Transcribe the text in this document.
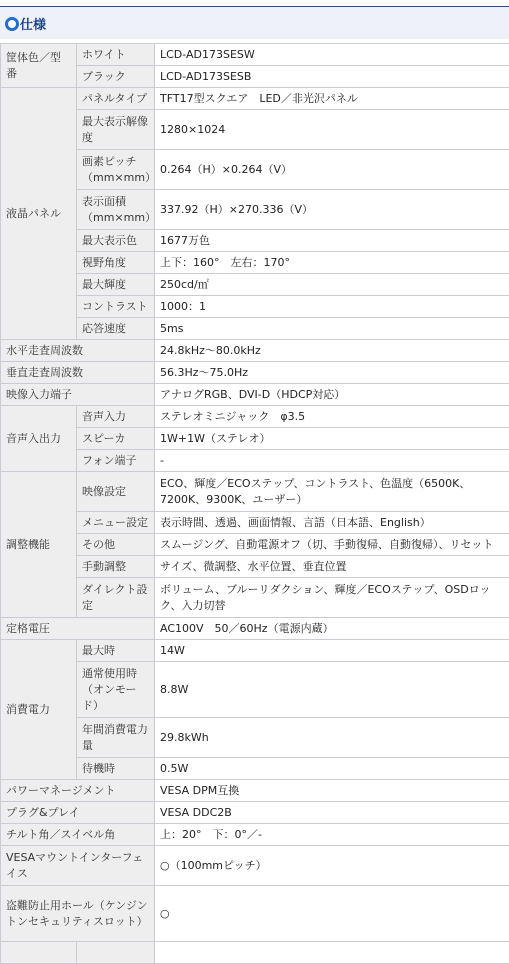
仕様
筐体色／型番	ホワイト	LCD-AD173SESW
	ブラック	LCD-AD173SESB
液晶パネル	パネルタイプ	TFT17型スクエア　LED／非光沢パネル
	最大表示解像度	1280×1024
	画素ピッチ（mm×mm）	0.264（H）×0.264（V）
	表示面積（mm×mm）	337.92（H）×270.336（V）
	最大表示色	1677万色
	視野角度	上下：160°　左右：170°
	最大輝度	250cd/㎡
	コントラスト	1000：1
	応答速度	5ms
水平走査周波数		24.8kHz～80.0kHz
垂直走査周波数		56.3Hz～75.0Hz
映像入力端子		アナログRGB、DVI-D（HDCP対応）
音声入出力	音声入力	ステレオミニジャック　φ3.5
	スピーカ	1W+1W（ステレオ）
	フォン端子	-
調整機能	映像設定	ECO、輝度／ECOステップ、コントラスト、色温度（6500K、7200K、9300K、ユーザー）
	メニュー設定	表示時間、透過、画面情報、言語（日本語、English）
	その他	スムージング、自動電源オフ（切、手動復帰、自動復帰）、リセット
	手動調整	サイズ、微調整、水平位置、垂直位置
	ダイレクト設定	ボリューム、ブルーリダクション、輝度／ECOステップ、OSDロック、入力切替
定格電圧		AC100V　50／60Hz（電源内蔵）
消費電力	最大時	14W
	通常使用時（オンモード）	8.8W
	年間消費電力量	29.8kWh
	待機時	0.5W
パワーマネージメント		VESA DPM互換
プラグ&プレイ		VESA DDC2B
チルト角／スイベル角		上：20°　下：0°／-
VESAマウントインターフェイス		○（100mmピッチ）
盗難防止用ホール（ケンジントンセキュリティスロット）		○
